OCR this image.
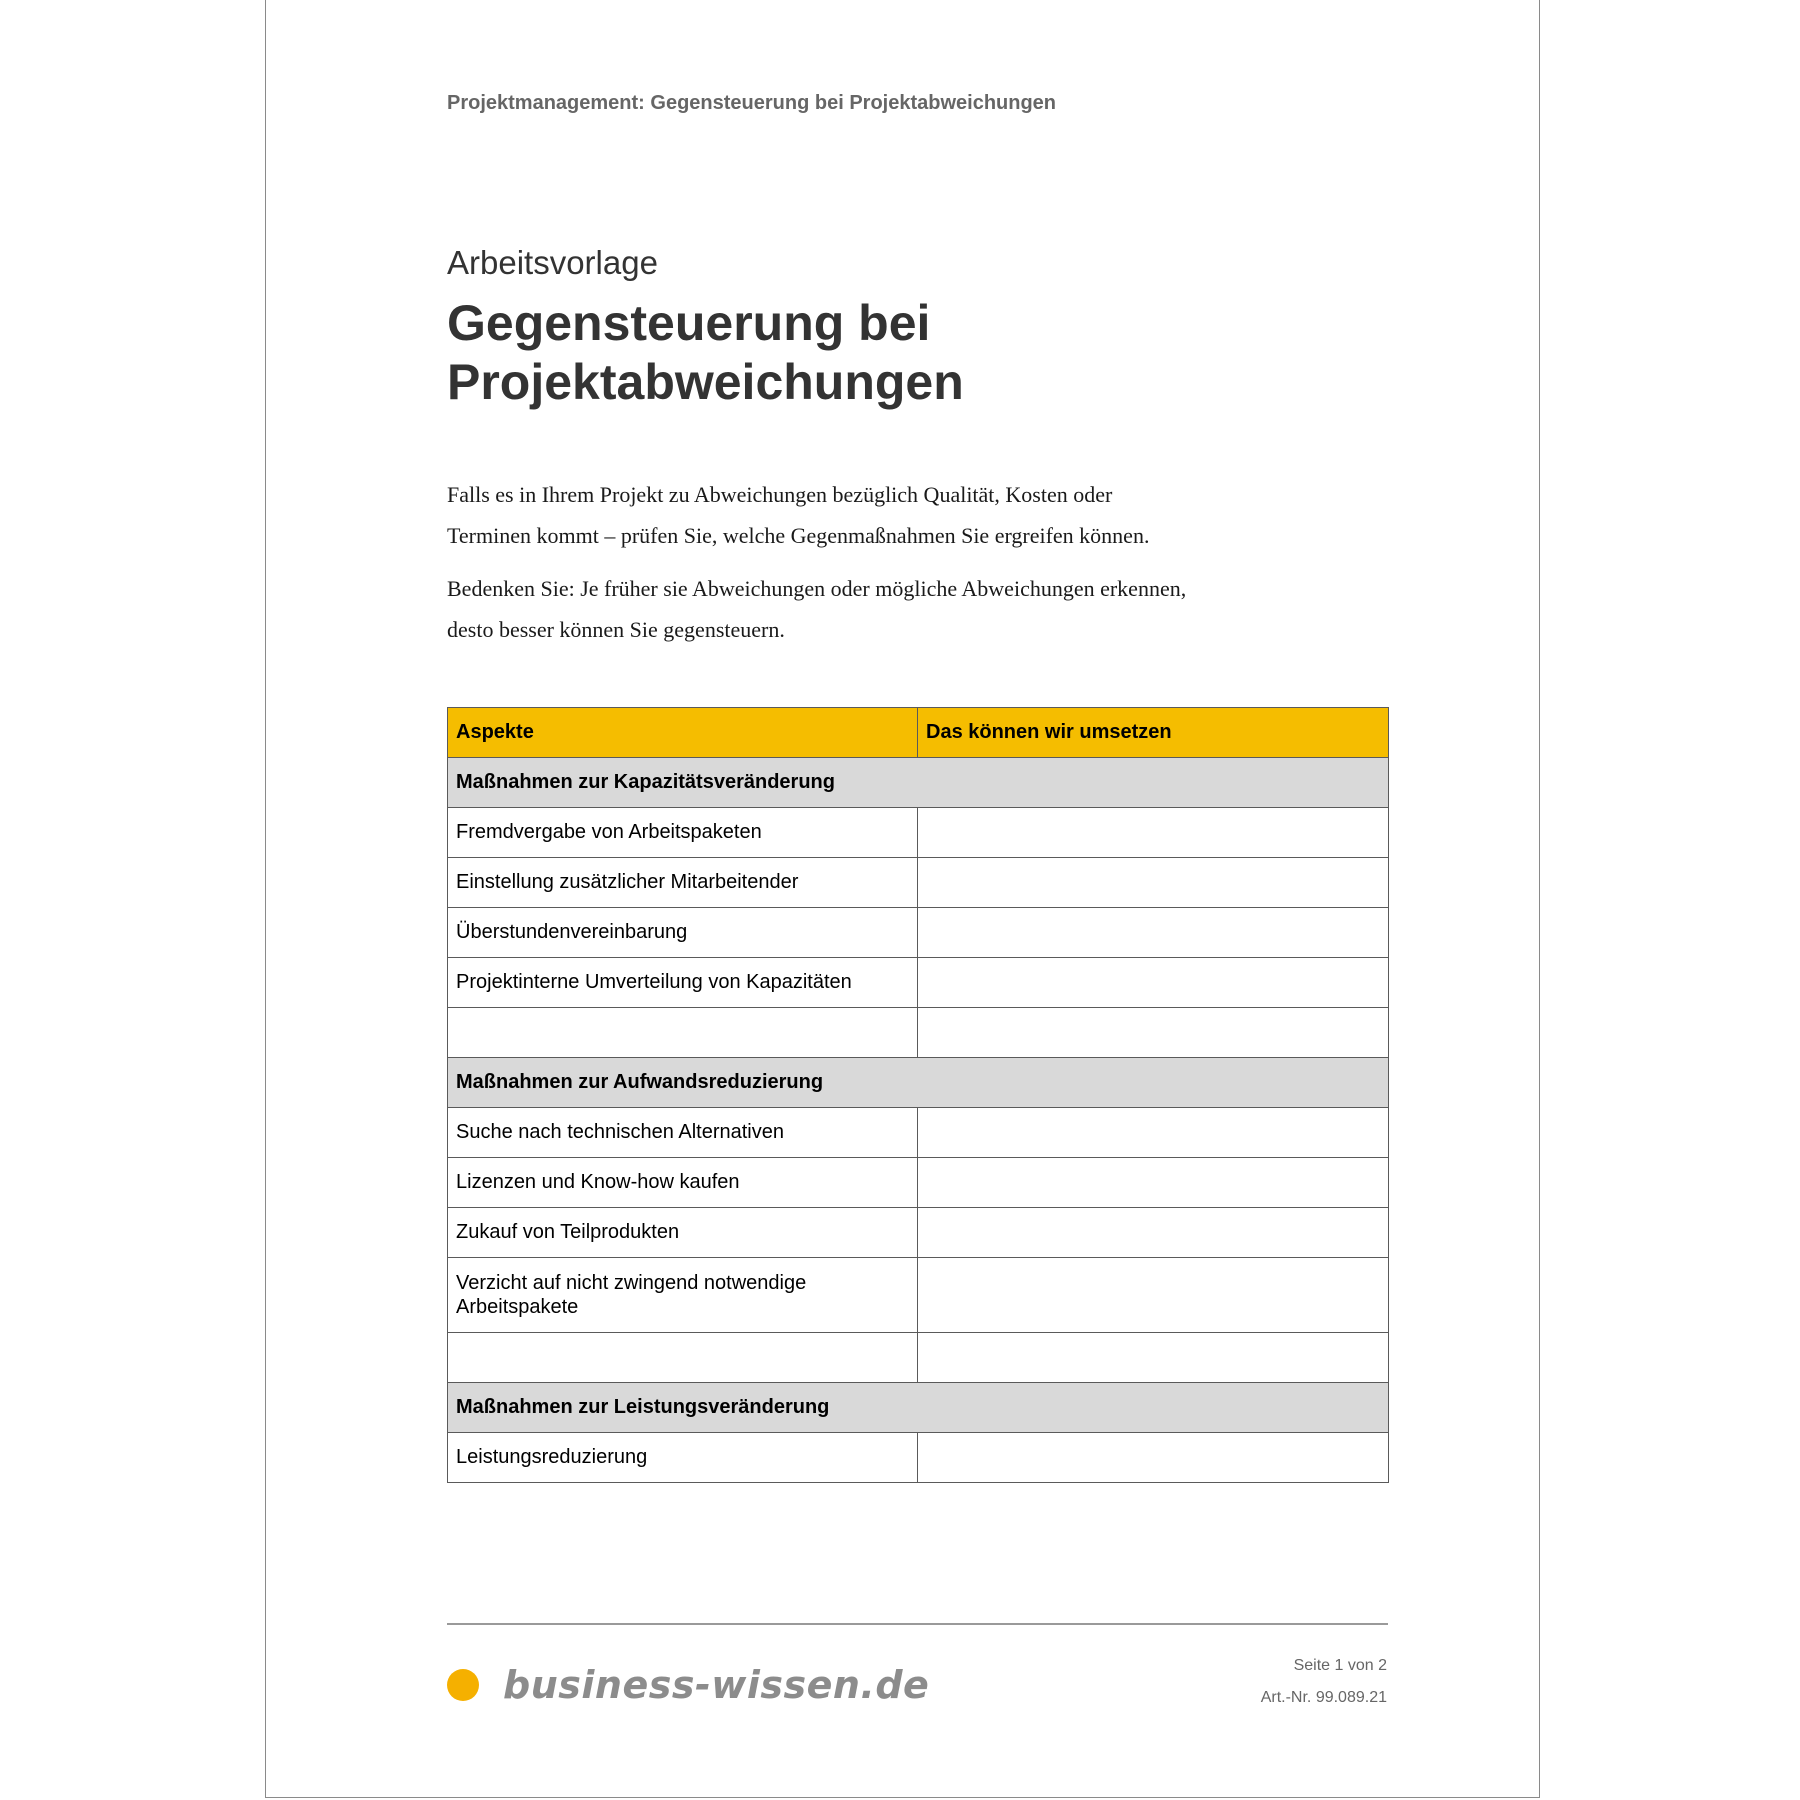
Projektmanagement: Gegensteuerung bei Projektabweichungen
Arbeitsvorlage
Gegensteuerung bei Projektabweichungen

Falls es in Ihrem Projekt zu Abweichungen bezüglich Qualität, Kosten oder Terminen kommt – prüfen Sie, welche Gegenmaßnahmen Sie ergreifen können.

Bedenken Sie: Je früher sie Abweichungen oder mögliche Abweichungen erkennen, desto besser können Sie gegensteuern.

Aspekte	Das können wir umsetzen
Maßnahmen zur Kapazitätsveränderung	
Fremdvergabe von Arbeitspaketen	
Einstellung zusätzlicher Mitarbeitender	
Überstundenvereinbarung	
Projektinterne Umverteilung von Kapazitäten	

Maßnahmen zur Aufwandsreduzierung	
Suche nach technischen Alternativen	
Lizenzen und Know-how kaufen	
Zukauf von Teilprodukten	
Verzicht auf nicht zwingend notwendige Arbeitspakete	

Maßnahmen zur Leistungsveränderung	
Leistungsreduzierung	
business-wissen.de	Seite 1 von 2
Art.-Nr. 99.089.21
